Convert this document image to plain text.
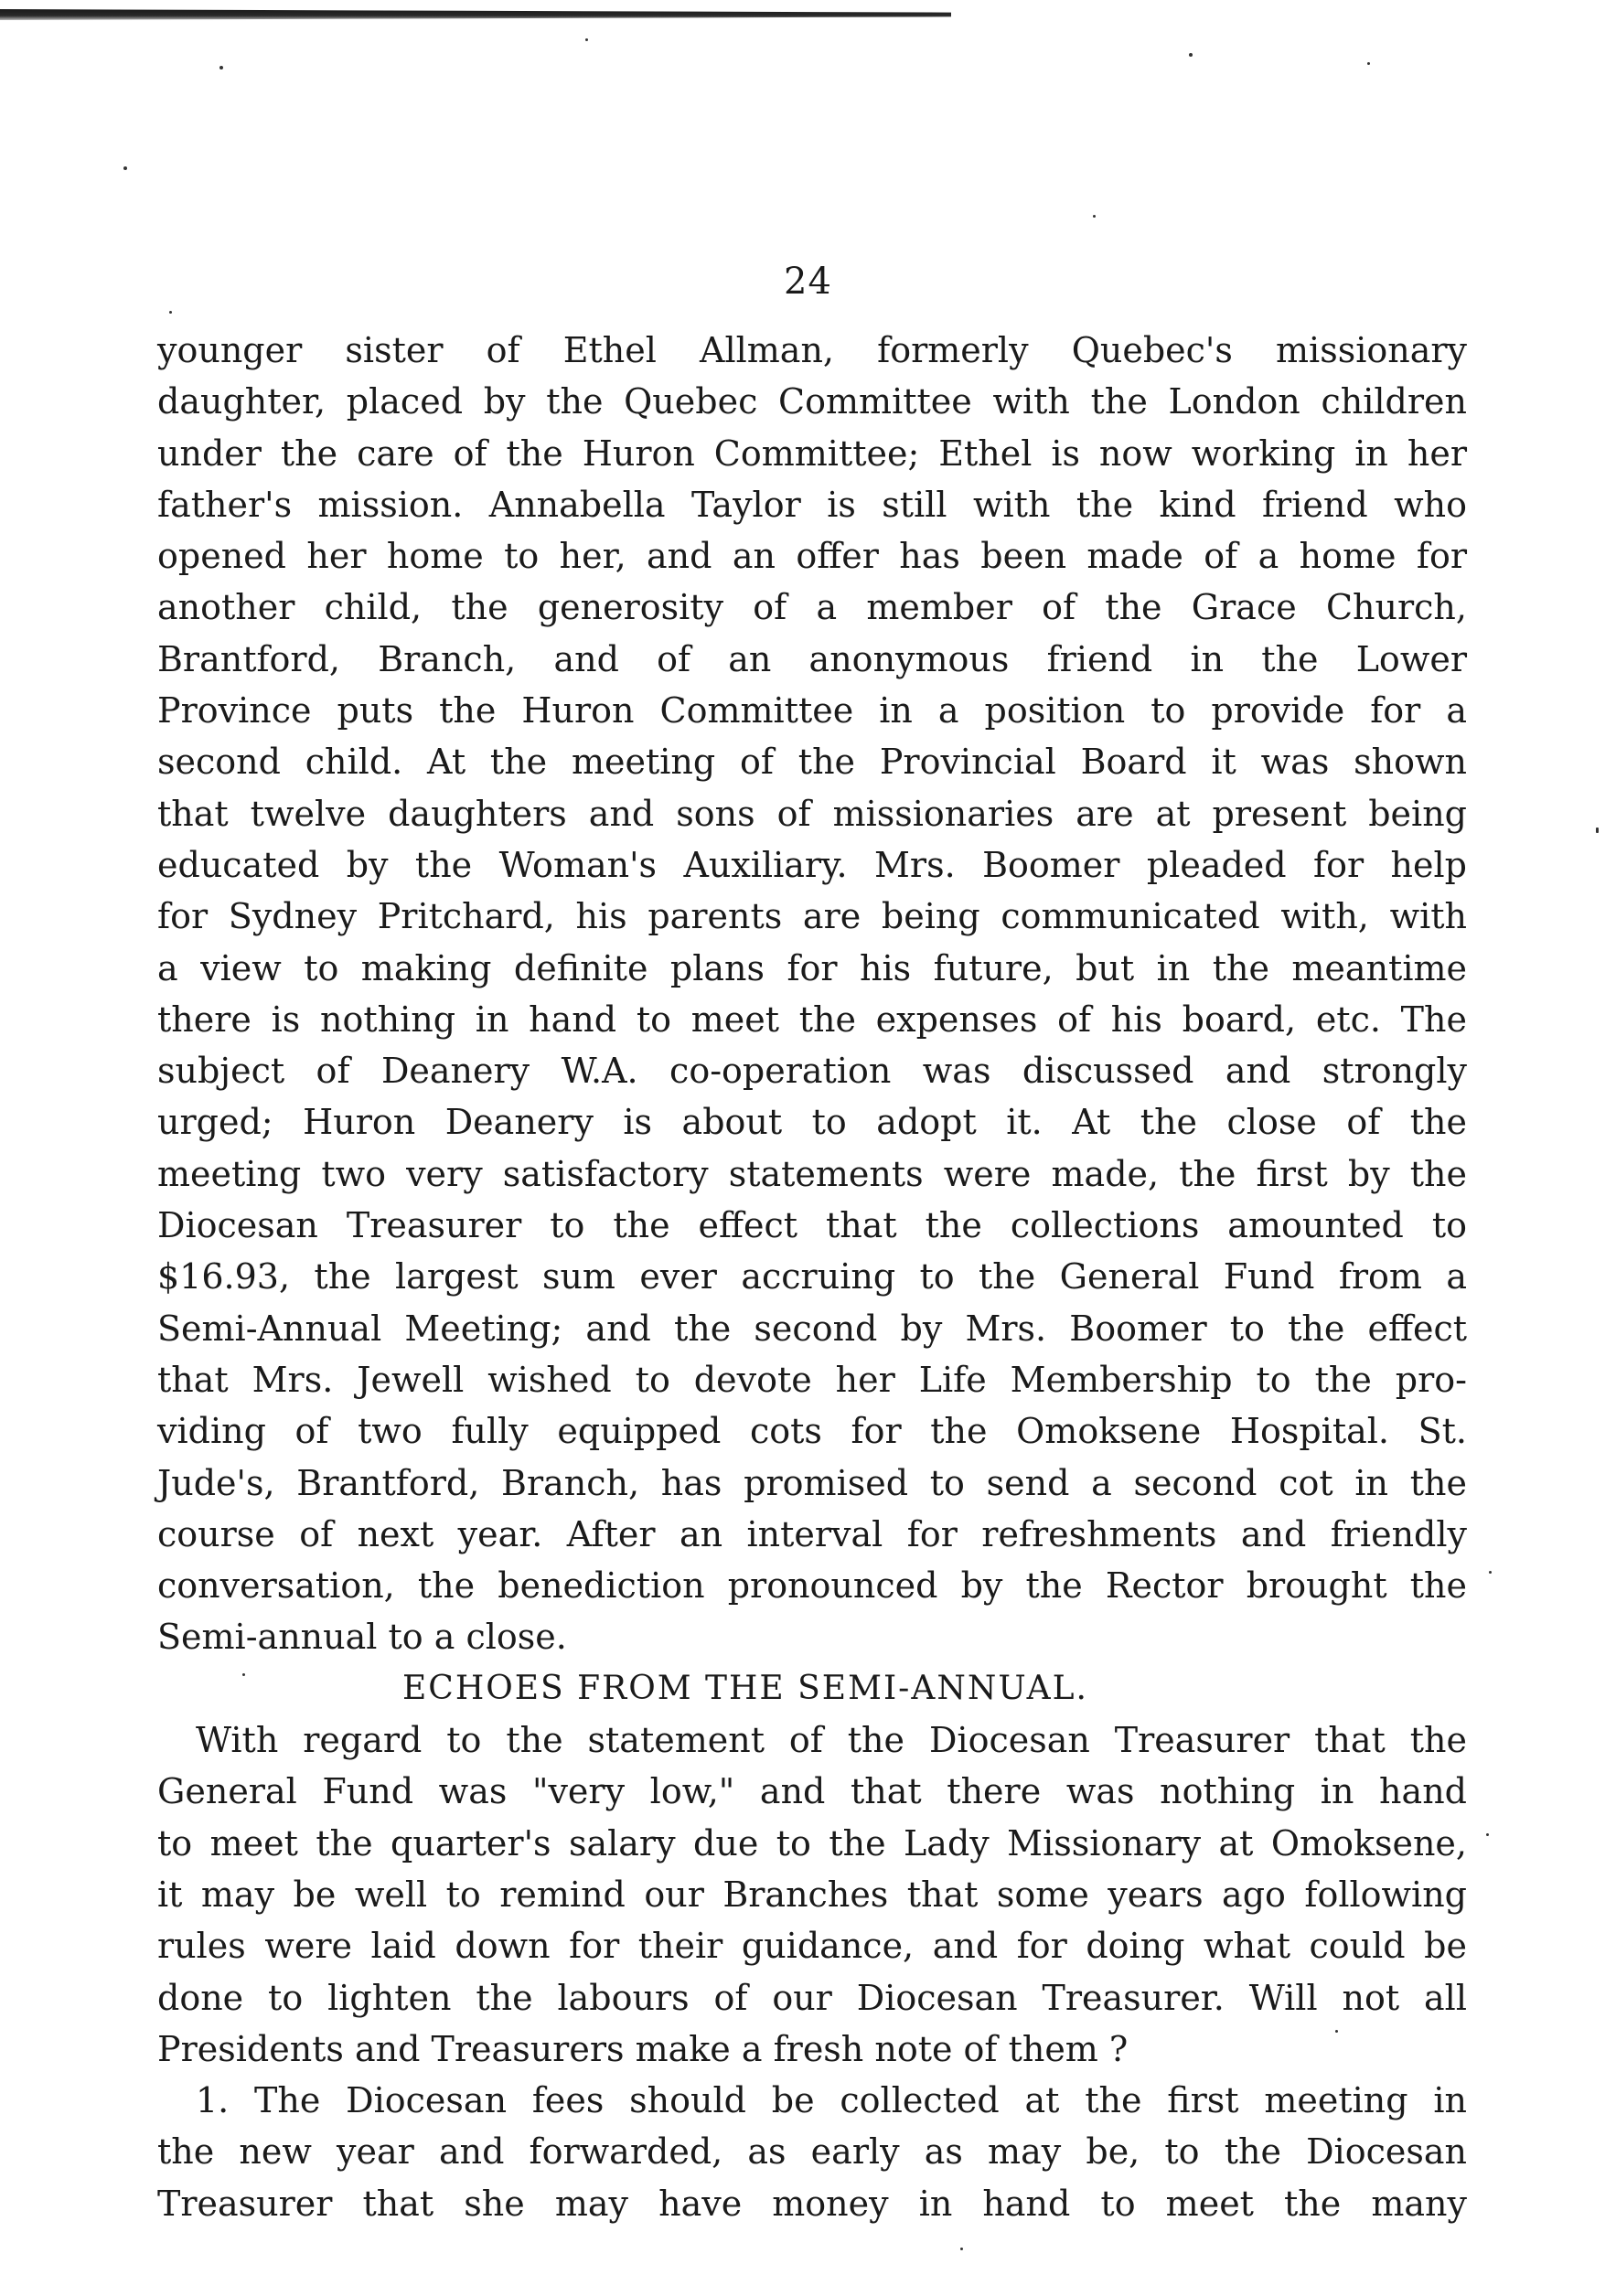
24
younger sister of Ethel Allman, formerly Quebec's missionary
daughter, placed by the Quebec Committee with the London children
under the care of the Huron Committee; Ethel is now working in her
father's mission. Annabella Taylor is still with the kind friend who
opened her home to her, and an offer has been made of a home for
another child, the generosity of a member of the Grace Church,
Brantford, Branch, and of an anonymous friend in the Lower
Province puts the Huron Committee in a position to provide for a
second child. At the meeting of the Provincial Board it was shown
that twelve daughters and sons of missionaries are at present being
educated by the Woman's Auxiliary. Mrs. Boomer pleaded for help
for Sydney Pritchard, his parents are being communicated with, with
a view to making definite plans for his future, but in the meantime
there is nothing in hand to meet the expenses of his board, etc. The
subject of Deanery W.A. co-operation was discussed and strongly
urged; Huron Deanery is about to adopt it. At the close of the
meeting two very satisfactory statements were made, the first by the
Diocesan Treasurer to the effect that the collections amounted to
$16.93, the largest sum ever accruing to the General Fund from a
Semi-Annual Meeting; and the second by Mrs. Boomer to the effect
that Mrs. Jewell wished to devote her Life Membership to the pro-
viding of two fully equipped cots for the Omoksene Hospital. St.
Jude's, Brantford, Branch, has promised to send a second cot in the
course of next year. After an interval for refreshments and friendly
conversation, the benediction pronounced by the Rector brought the
Semi-annual to a close.
ECHOES FROM THE SEMI-ANNUAL.
With regard to the statement of the Diocesan Treasurer that the
General Fund was "very low," and that there was nothing in hand
to meet the quarter's salary due to the Lady Missionary at Omoksene,
it may be well to remind our Branches that some years ago following
rules were laid down for their guidance, and for doing what could be
done to lighten the labours of our Diocesan Treasurer. Will not all
Presidents and Treasurers make a fresh note of them ?
1. The Diocesan fees should be collected at the first meeting in
the new year and forwarded, as early as may be, to the Diocesan
Treasurer that she may have money in hand to meet the many
